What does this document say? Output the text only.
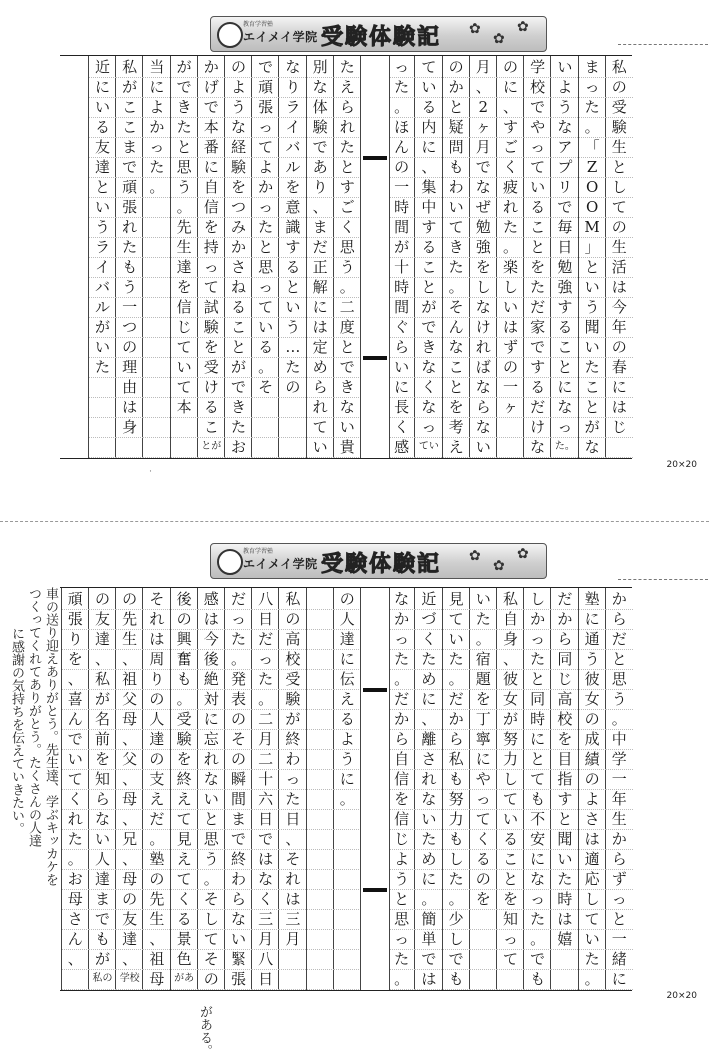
教育学習塾
エイメイ学院 受験体験記 ✿
✿
✿
私
の
受
験
生
と
し
て
の
生
活
は
今
年
の
春
に
は
じ
ま
っ
た
。
「
Z
O
O
M
」
と
い
う
聞
い
た
こ
と
が
な
い
よ
う
な
ア
プ
リ
で
毎
日
勉
強
す
る
こ
と
に
な
っ
た。
学
校
で
や
っ
て
い
る
こ
と
を
た
だ
家
で
す
る
だ
け
な
の
に
、
す
ご
く
疲
れ
た
。
楽
し
い
は
ず
の
一
ヶ
月
、
2
ヶ
月
で
な
ぜ
勉
強
を
し
な
け
れ
ば
な
ら
な
い
の
か
と
疑
問
も
わ
い
て
き
た
。
そ
ん
な
こ
と
を
考
え
て
い
る
内
に
、
集
中
す
る
こ
と
が
で
き
な
く
な
っ
てい
っ
た
。
ほ
ん
の
一
時
間
が
十
時
間
ぐ
ら
い
に
長
く
感
た
え
ら
れ
た
と
す
ご
く
思
う
。
二
度
と
で
き
な
い
貴
別
な
体
験
で
あ
り
、
ま
だ
正
解
に
は
定
め
ら
れ
て
い
な
り
ラ
イ
バ
ル
を
意
識
す
る
と
い
う
…
た
の
で
頑
張
っ
て
よ
か
っ
た
と
思
っ
て
い
る
。
そ
の
よ
う
な
経
験
を
つ
み
か
さ
ね
る
こ
と
が
で
き
た
お
か
げ
で
本
番
に
自
信
を
持
っ
て
試
験
を
受
け
る
こ
とが
が
で
き
た
と
思
う
。
先
生
達
を
信
じ
て
い
て
本
当
に
よ
か
っ
た
。
私
が
こ
こ
ま
で
頑
張
れ
た
も
う
一
つ
の
理
由
は
身
近
に
い
る
友
達
と
い
う
ラ
イ
バ
ル
が
い
た
20×20
˙
教育学習塾
エイメイ学院 受験体験記 ✿
✿
✿
車の送り迎えありがとう。先生達、学ぶキッカケを
つくってくれてありがとう。たくさんの人達
に感謝の気持ちを伝えていきたい。
か
ら
だ
と
思
う
。
中
学
一
年
生
か
ら
ず
っ
と
一
緒
に
塾
に
通
う
彼
女
の
成
績
の
よ
さ
は
適
応
し
て
い
た
。
だ
か
ら
同
じ
高
校
を
目
指
す
と
聞
い
た
時
は
嬉
し
か
っ
た
と
同
時
に
と
て
も
不
安
に
な
っ
た
。
で
も
私
自
身
、
彼
女
が
努
力
し
て
い
る
こ
と
を
知
っ
て
い
た
。
宿
題
を
丁
寧
に
や
っ
て
く
る
の
を
見
て
い
た
。
だ
か
ら
私
も
努
力
も
し
た
。
少
し
で
も
近
づ
く
た
め
に
、
離
さ
れ
な
い
た
め
に
。
簡
単
で
は
な
か
っ
た
。
だ
か
ら
自
信
を
信
じ
よ
う
と
思
っ
た
。
の
人
達
に
伝
え
る
よ
う
に
。
私
の
高
校
受
験
が
終
わ
っ
た
日
、
そ
れ
は
三
月
八
日
だ
っ
た
。
二
月
二
十
六
日
で
は
な
く
三
月
八
日
だ
っ
た
。
発
表
の
そ
の
瞬
間
ま
で
終
わ
ら
な
い
緊
張
感
は
今
後
絶
対
に
忘
れ
な
い
と
思
う
。
そ
し
て
そ
の
後
の
興
奮
も
。
受
験
を
終
え
て
見
え
て
く
る
景
色
があ
そ
れ
は
周
り
の
人
達
の
支
え
だ
。
塾
の
先
生
、
祖
母
の
先
生
、
祖
父
母
、
父
、
母
、
兄
、
母
の
友
達
、
学校
の
友
達
、
私
が
名
前
を
知
ら
な
い
人
達
ま
で
も
が
私の
頑
張
り
を
、
喜
ん
で
い
て
く
れ
た
。
お
母
さ
ん
、
がある。
20×20
